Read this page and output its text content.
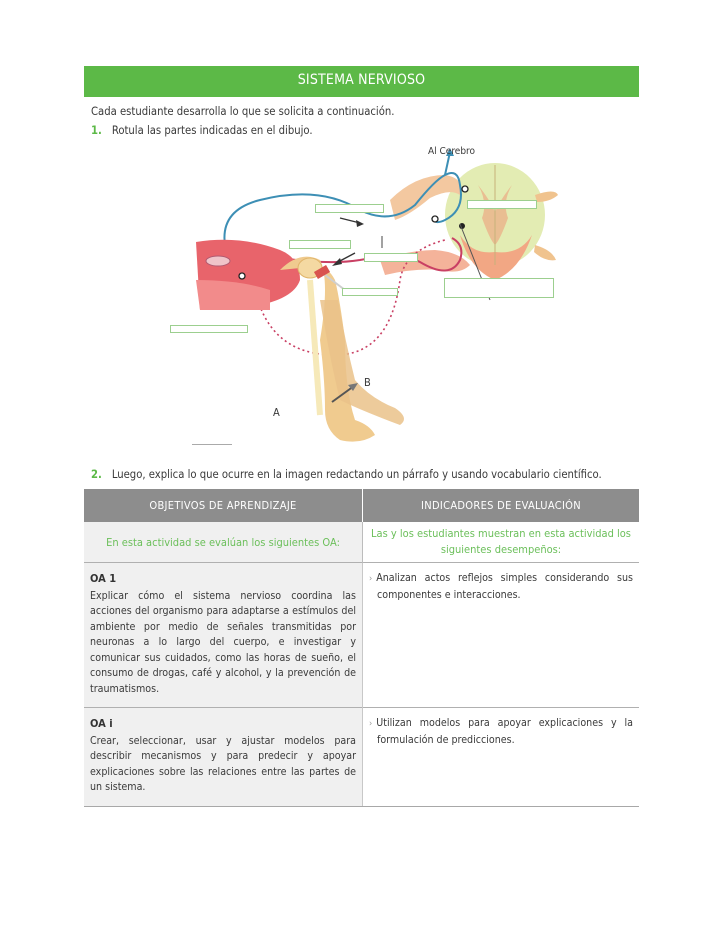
SISTEMA NERVIOSO
Cada estudiante desarrolla lo que se solicita a continuación.
1. Rotula las partes indicadas en el dibujo.
Al Cerebro
A
B
2. Luego, explica lo que ocurre en la imagen redactando un párrafo y usando vocabulario científico.
OBJETIVOS DE APRENDIZAJE	INDICADORES DE EVALUACIÓN
En esta actividad se evalúan los siguientes OA:	Las y los estudiantes muestran en esta actividad los siguientes desempeños:

OA 1
Explicar cómo el sistema nervioso coordina las acciones del organismo para adaptarse a estímulos del ambiente por medio de señales transmitidas por neuronas a lo largo del cuerpo, e investigar y comunicar sus cuidados, como las horas de sueño, el consumo de drogas, café y alcohol, y la prevención de traumatismos.	› Analizan actos reflejos simples considerando sus componentes e interacciones.

OA i
Crear, seleccionar, usar y ajustar modelos para describir mecanismos y para predecir y apoyar explicaciones sobre las relaciones entre las partes de un sistema.	› Utilizan modelos para apoyar explicaciones y la formulación de predicciones.
